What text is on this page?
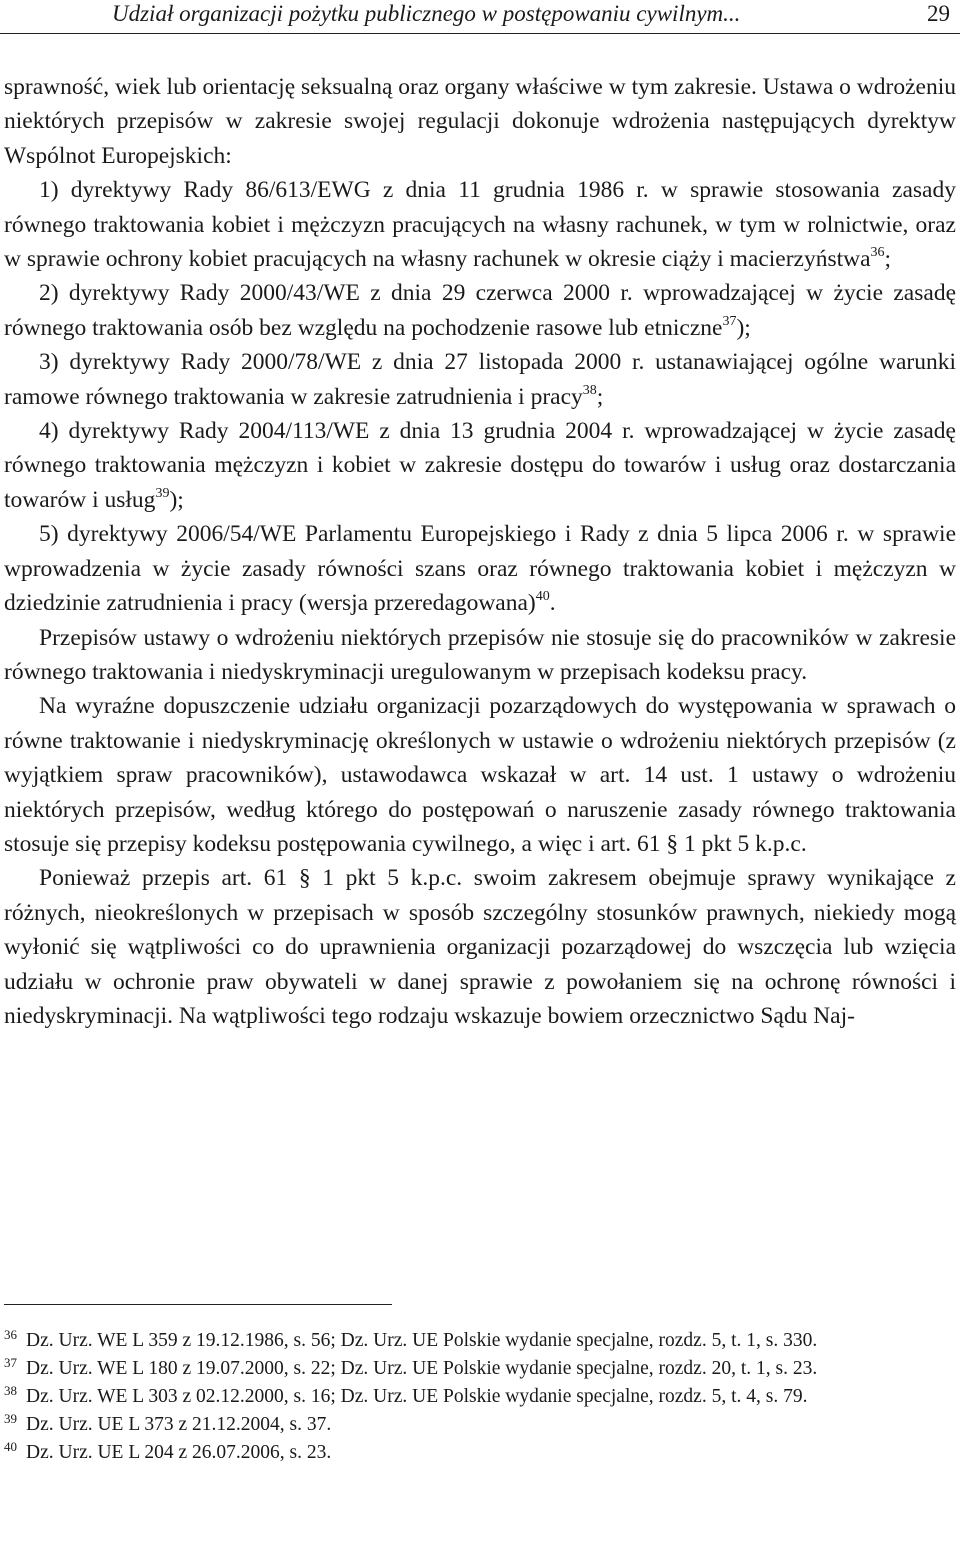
Udział organizacji pożytku publicznego w postępowaniu cywilnym...	29

sprawność, wiek lub orientację seksualną oraz organy właściwe w tym zakresie. Ustawa o wdrożeniu niektórych przepisów w zakresie swojej regulacji dokonuje wdrożenia następujących dyrektyw Wspólnot Europejskich:

1) dyrektywy Rady 86/613/EWG z dnia 11 grudnia 1986 r. w sprawie stosowania zasady równego traktowania kobiet i mężczyzn pracujących na własny rachunek, w tym w rolnictwie, oraz w sprawie ochrony kobiet pracujących na własny rachunek w okresie ciąży i macierzyństwa$^{36}$;

2) dyrektywy Rady 2000/43/WE z dnia 29 czerwca 2000 r. wprowadzającej w życie zasadę równego traktowania osób bez względu na pochodzenie rasowe lub etniczne$^{37}$);

3) dyrektywy Rady 2000/78/WE z dnia 27 listopada 2000 r. ustanawiającej ogólne warunki ramowe równego traktowania w zakresie zatrudnienia i pracy$^{38}$;

4) dyrektywy Rady 2004/113/WE z dnia 13 grudnia 2004 r. wprowadzającej w życie zasadę równego traktowania mężczyzn i kobiet w zakresie dostępu do towarów i usług oraz dostarczania towarów i usług$^{39}$);

5) dyrektywy 2006/54/WE Parlamentu Europejskiego i Rady z dnia 5 lipca 2006 r. w sprawie wprowadzenia w życie zasady równości szans oraz równego traktowania kobiet i mężczyzn w dziedzinie zatrudnienia i pracy (wersja przeredagowana)$^{40}$.

Przepisów ustawy o wdrożeniu niektórych przepisów nie stosuje się do pracowników w zakresie równego traktowania i niedyskryminacji uregulowanym w przepisach kodeksu pracy.

Na wyraźne dopuszczenie udziału organizacji pozarządowych do występowania w sprawach o równe traktowanie i niedyskryminację określonych w ustawie o wdrożeniu niektórych przepisów (z wyjątkiem spraw pracowników), ustawodawca wskazał w art. 14 ust. 1 ustawy o wdrożeniu niektórych przepisów, według którego do postępowań o naruszenie zasady równego traktowania stosuje się przepisy kodeksu postępowania cywilnego, a więc i art. 61 § 1 pkt 5 k.p.c.

Ponieważ przepis art. 61 § 1 pkt 5 k.p.c. swoim zakresem obejmuje sprawy wynikające z różnych, nieokreślonych w przepisach w sposób szczególny stosunków prawnych, niekiedy mogą wyłonić się wątpliwości co do uprawnienia organizacji pozarządowej do wszczęcia lub wzięcia udziału w ochronie praw obywateli w danej sprawie z powołaniem się na ochronę równości i niedyskryminacji. Na wątpliwości tego rodzaju wskazuje bowiem orzecznictwo Sądu Naj-

36 Dz. Urz. WE L 359 z 19.12.1986, s. 56; Dz. Urz. UE Polskie wydanie specjalne, rozdz. 5, t. 1, s. 330.

37 Dz. Urz. WE L 180 z 19.07.2000, s. 22; Dz. Urz. UE Polskie wydanie specjalne, rozdz. 20, t. 1, s. 23.

38 Dz. Urz. WE L 303 z 02.12.2000, s. 16; Dz. Urz. UE Polskie wydanie specjalne, rozdz. 5, t. 4, s. 79.

39 Dz. Urz. UE L 373 z 21.12.2004, s. 37.

40 Dz. Urz. UE L 204 z 26.07.2006, s. 23.
